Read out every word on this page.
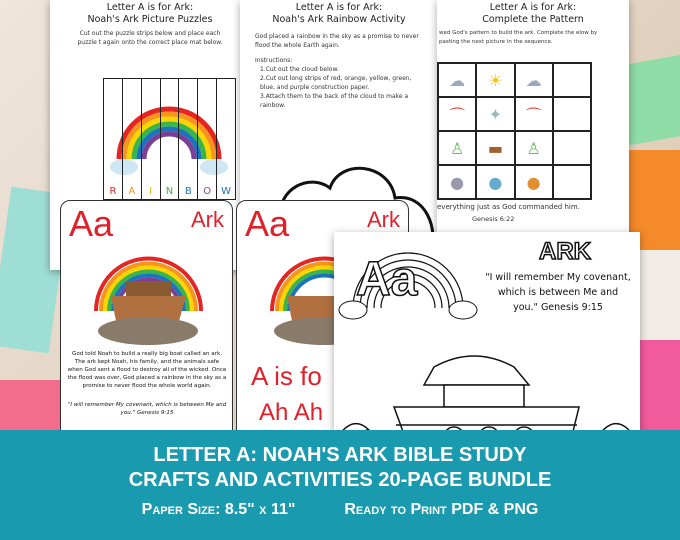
Letter A is for Ark:
Noah's Ark Picture Puzzles
Cut out the puzzle strips below and place each puzzle t again onto the correct place mat below.
R	A	I	N	B	O W
Letter A is for Ark:
Noah's Ark Rainbow Activity
God placed a rainbow in the sky as a promise to never flood the whole Earth again.
Instructions:
1.Cut out the cloud below.
2.Cut out long strips of red, orange, yellow, green, blue, and purple construction paper.
3.Attach them to the back of the cloud to make a rainbow.
Letter A is for Ark:
Complete the Pattern
wed God's pattern to build the ark. Complete the elow by pasting the next picture in the sequence.
☁	☀	☁
⌒	✦	⌒
♙	▬	♙
●	●	●
everything just as God commanded him.
Genesis 6:22
Aa	Ark
God told Noah to build a really big boat called an ark. The ark kept Noah, his family, and the animals safe when God sent a flood to destroy all of the wicked. Once the flood was over, God placed a rainbow in the sky as a promise to never flood the whole world again.
"I will remember My covenant, which is between Me and you." Genesis 9:15
Aa	Ark
A is fo
Ah Ah
Aa
ARK
"I will remember My covenant, which is between Me and you." Genesis 9:15
LETTER A: NOAH'S ARK BIBLE STUDY
CRAFTS AND ACTIVITIES 20-PAGE BUNDLE
Paper Size: 8.5" x 11"	Ready to Print PDF & PNG
